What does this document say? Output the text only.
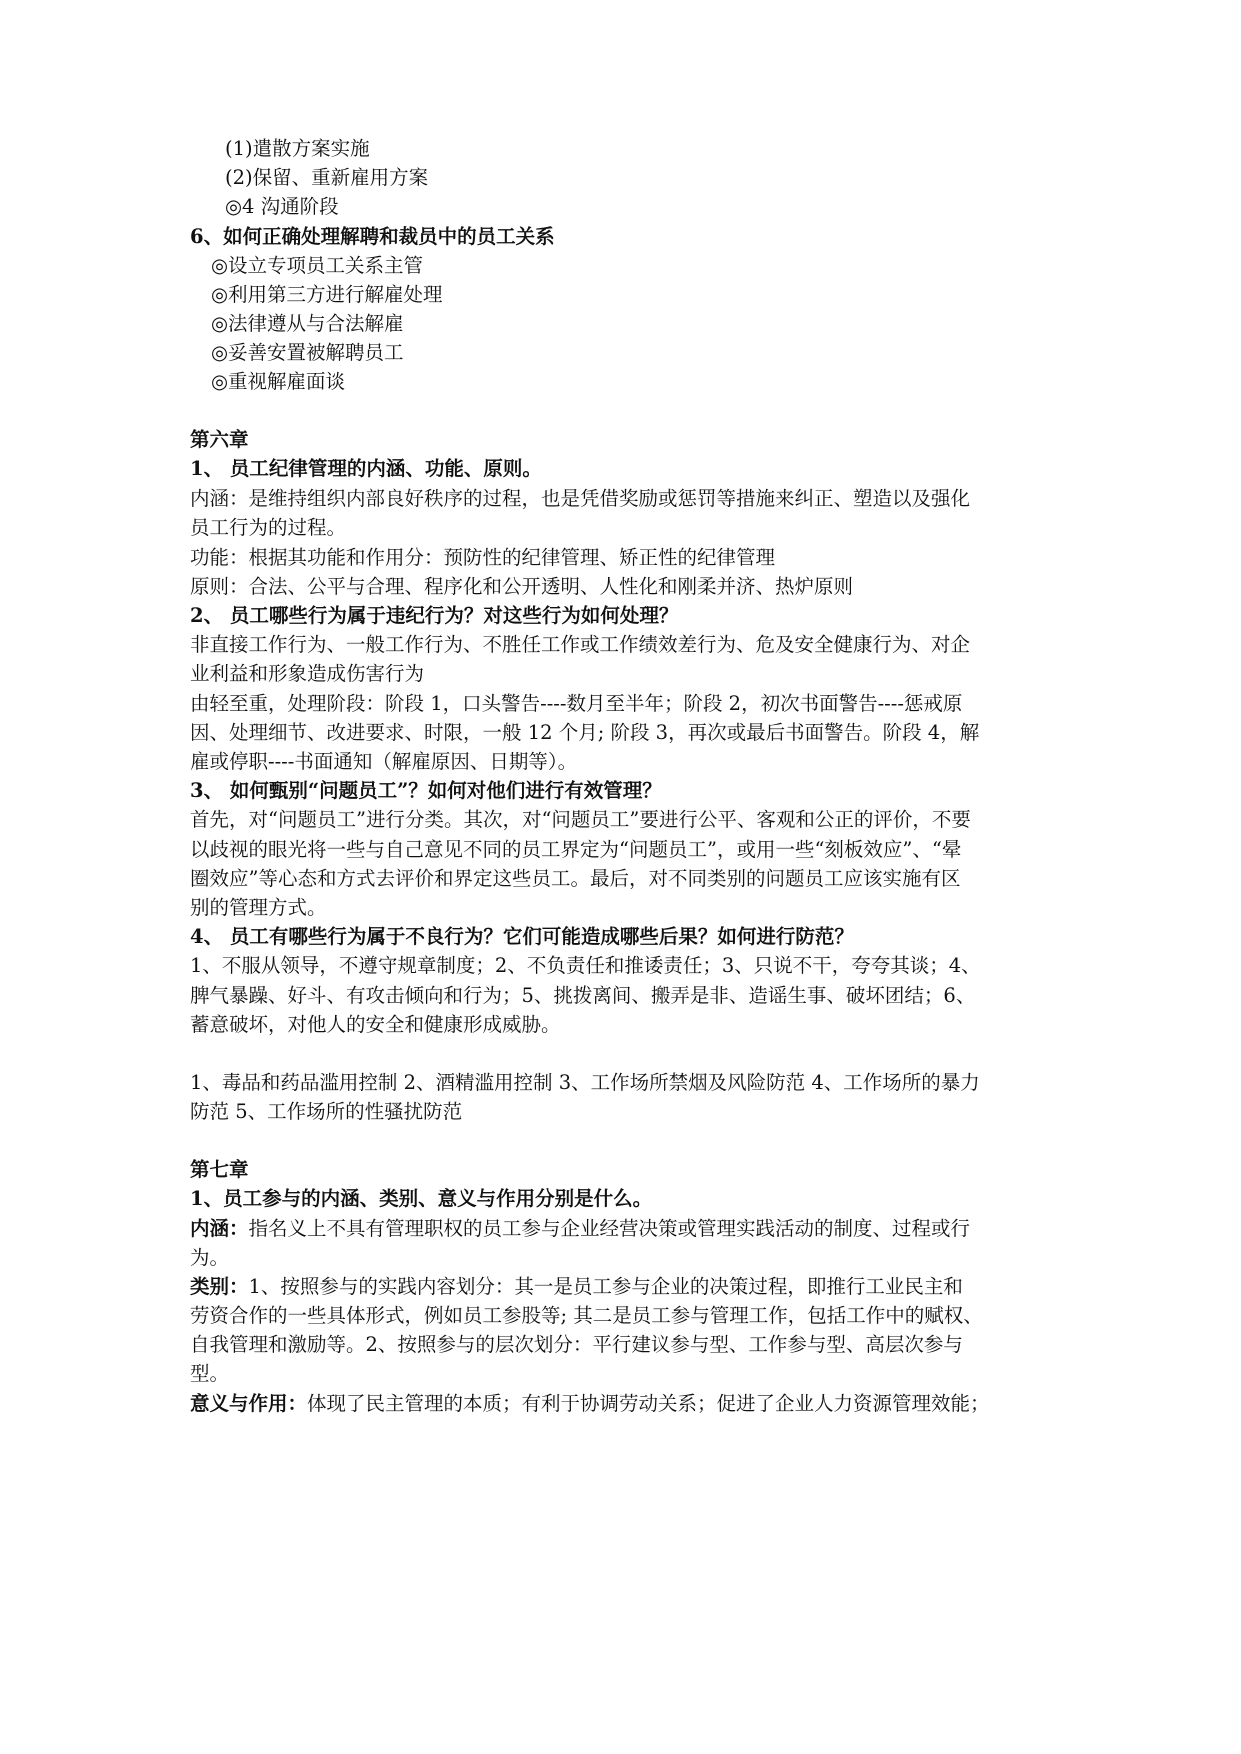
(1)遣散方案实施
(2)保留、重新雇用方案
◎4 沟通阶段
6、如何正确处理解聘和裁员中的员工关系
◎设立专项员工关系主管
◎利用第三方进行解雇处理
◎法律遵从与合法解雇
◎妥善安置被解聘员工
◎重视解雇面谈
第六章
1、 员工纪律管理的内涵、功能、原则。
内涵：是维持组织内部良好秩序的过程，也是凭借奖励或惩罚等措施来纠正、塑造以及强化
员工行为的过程。
功能：根据其功能和作用分：预防性的纪律管理、矫正性的纪律管理
原则：合法、公平与合理、程序化和公开透明、人性化和刚柔并济、热炉原则
2、 员工哪些行为属于违纪行为？对这些行为如何处理？
非直接工作行为、一般工作行为、不胜任工作或工作绩效差行为、危及安全健康行为、对企
业利益和形象造成伤害行为
由轻至重，处理阶段：阶段 1，口头警告----数月至半年；阶段 2，初次书面警告----惩戒原
因、处理细节、改进要求、时限，一般 12 个月; 阶段 3，再次或最后书面警告。阶段 4，解
雇或停职----书面通知（解雇原因、日期等）。
3、 如何甄别“问题员工”？如何对他们进行有效管理？
首先，对“问题员工”进行分类。其次，对“问题员工”要进行公平、客观和公正的评价，不要
以歧视的眼光将一些与自己意见不同的员工界定为“问题员工”，或用一些“刻板效应”、“晕
圈效应”等心态和方式去评价和界定这些员工。最后，对不同类别的问题员工应该实施有区
别的管理方式。
4、 员工有哪些行为属于不良行为？它们可能造成哪些后果？如何进行防范？
1、不服从领导，不遵守规章制度；2、不负责任和推诿责任；3、只说不干，夸夸其谈；4、
脾气暴躁、好斗、有攻击倾向和行为；5、挑拨离间、搬弄是非、造谣生事、破坏团结；6、
蓄意破坏，对他人的安全和健康形成威胁。
1、毒品和药品滥用控制 2、酒精滥用控制 3、工作场所禁烟及风险防范 4、工作场所的暴力
防范 5、工作场所的性骚扰防范
第七章
1、员工参与的内涵、类别、意义与作用分别是什么。
内涵：指名义上不具有管理职权的员工参与企业经营决策或管理实践活动的制度、过程或行
为。
类别：1、按照参与的实践内容划分：其一是员工参与企业的决策过程，即推行工业民主和
劳资合作的一些具体形式，例如员工参股等; 其二是员工参与管理工作，包括工作中的赋权、
自我管理和激励等。2、按照参与的层次划分：平行建议参与型、工作参与型、高层次参与
型。
意义与作用：体现了民主管理的本质；有利于协调劳动关系；促进了企业人力资源管理效能；
